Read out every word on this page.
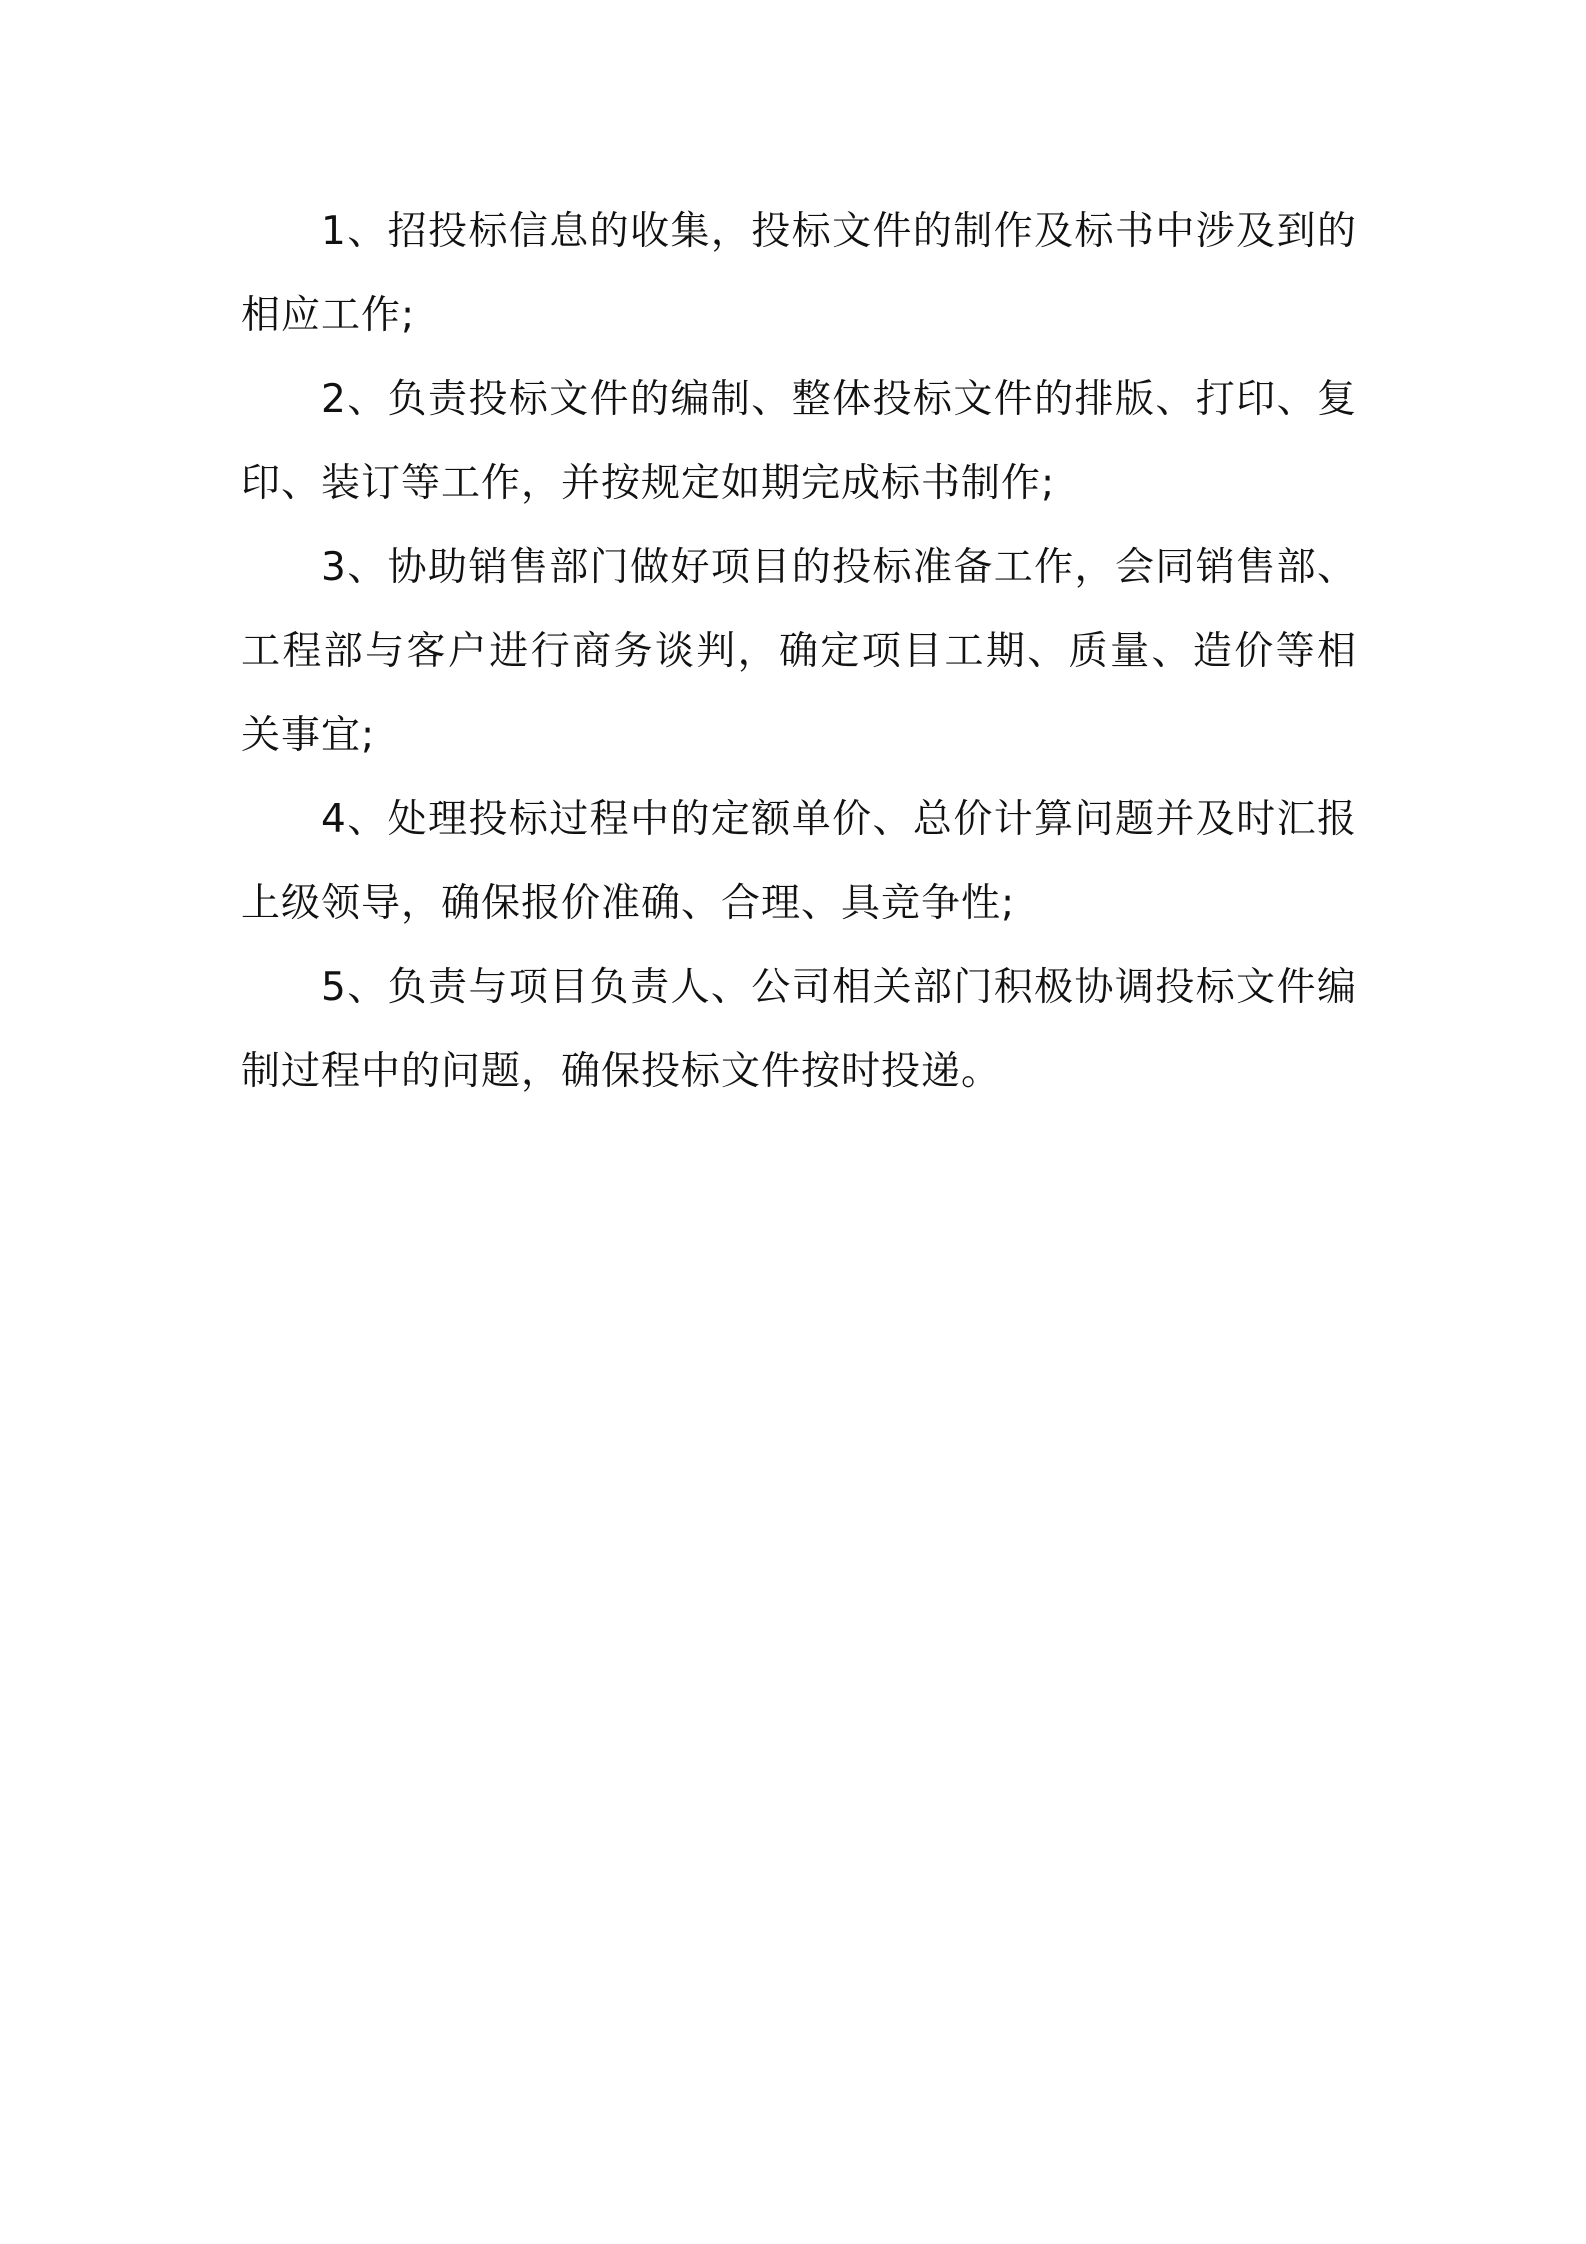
1、招投标信息的收集，投标文件的制作及标书中涉及到的相应工作;

2、负责投标文件的编制、整体投标文件的排版、打印、复印、装订等工作，并按规定如期完成标书制作;

3、协助销售部门做好项目的投标准备工作，会同销售部、工程部与客户进行商务谈判，确定项目工期、质量、造价等相关事宜;

4、处理投标过程中的定额单价、总价计算问题并及时汇报上级领导，确保报价准确、合理、具竞争性;

5、负责与项目负责人、公司相关部门积极协调投标文件编制过程中的问题，确保投标文件按时投递。
